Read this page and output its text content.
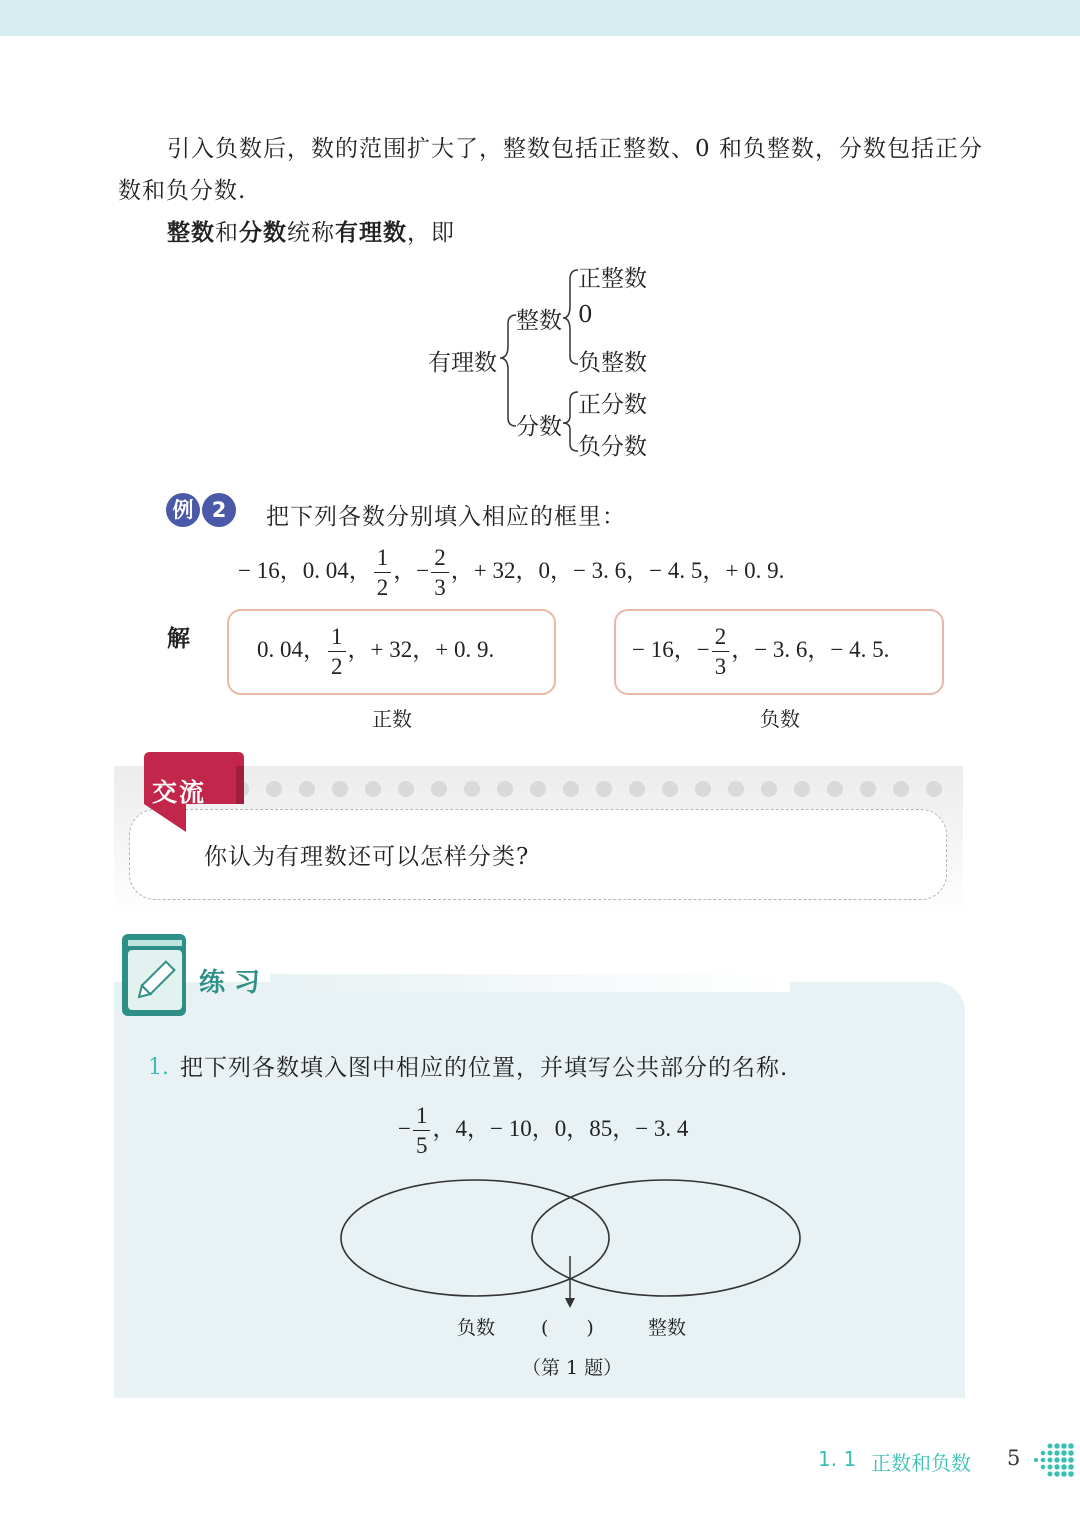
引入负数后，数的范围扩大了，整数包括正整数、0 和负整数，分数包括正分
数和负分数.
整数和分数统称有理数，即
有理数
整数
正整数
0
负整数
分数
正分数
负分数
例 2	把下列各数分别填入相应的框里：
− 16，0. 04， $\frac{1}{2}$ ，− $\frac{2}{3}$ ，+ 32，0，− 3. 6，− 4. 5，+ 0. 9.
解	0. 04， $\frac{1}{2}$ ，+ 32，+ 0. 9.
正数
− 16，− $\frac{2}{3}$ ，− 3. 6，− 4. 5.
负数
你认为有理数还可以怎样分类?
交流
练 习
1. 把下列各数填入图中相应的位置，并填写公共部分的名称.
− $\frac{1}{5}$ ，4，− 10，0，85，− 3. 4
负数 (　　)	整数
（第 1 题）
1. 1 正数和负数 5
